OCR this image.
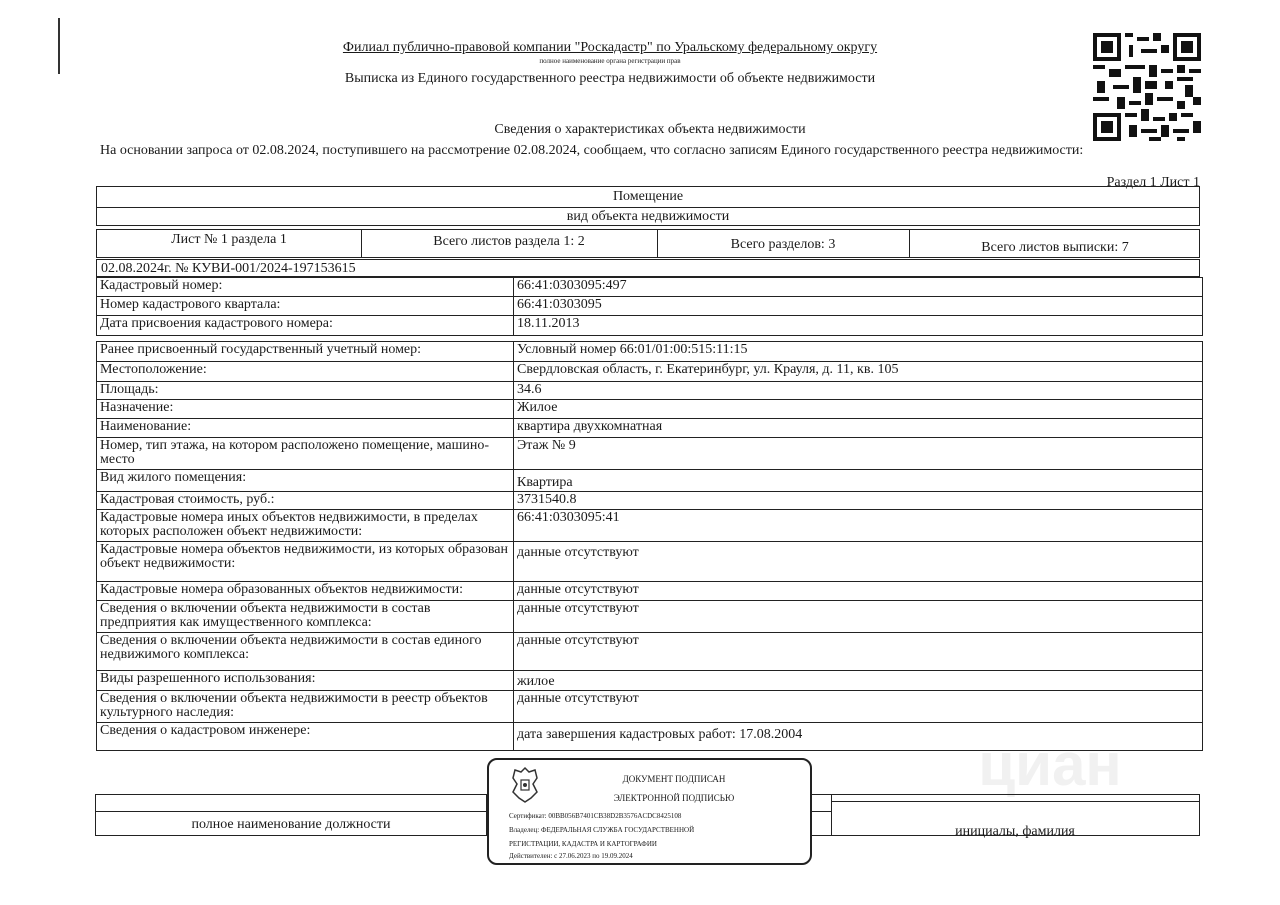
Филиал публично-правовой компании "Роскадастр" по Уральскому федеральному округу
полное наименование органа регистрации прав
Выписка из Единого государственного реестра недвижимости об объекте недвижимости
Сведения о характеристиках объекта недвижимости
На основании запроса от 02.08.2024, поступившего на рассмотрение 02.08.2024, сообщаем, что согласно записям Единого государственного реестра недвижимости:
Раздел 1 Лист 1
Помещение
вид объекта недвижимости
Лист № 1 раздела 1	Всего листов раздела 1: 2	Всего разделов: 3	Всего листов выписки: 7
02.08.2024г. № КУВИ-001/2024-197153615
Кадастровый номер:	66:41:0303095:497
Номер кадастрового квартала:	66:41:0303095
Дата присвоения кадастрового номера:	18.11.2013
Ранее присвоенный государственный учетный номер:	Условный номер 66:01/01:00:515:11:15
Местоположение:	Свердловская область, г. Екатеринбург, ул. Крауля, д. 11, кв. 105
Площадь:	34.6
Назначение:	Жилое
Наименование:	квартира двухкомнатная
Номер, тип этажа, на котором расположено помещение, машино-место	Этаж № 9
Вид жилого помещения:	Квартира
Кадастровая стоимость, руб.:	3731540.8
Кадастровые номера иных объектов недвижимости, в пределах которых расположен объект недвижимости:	66:41:0303095:41
Кадастровые номера объектов недвижимости, из которых образован объект недвижимости:	данные отсутствуют
Кадастровые номера образованных объектов недвижимости:	данные отсутствуют
Сведения о включении объекта недвижимости в состав предприятия как имущественного комплекса:	данные отсутствуют
Сведения о включении объекта недвижимости в состав единого недвижимого комплекса:	данные отсутствуют
Виды разрешенного использования:	жилое
Сведения о включении объекта недвижимости в реестр объектов культурного наследия:	данные отсутствуют
Сведения о кадастровом инженере:	дата завершения кадастровых работ: 17.08.2004	циан
полное наименование должности	инициалы, фамилия
ДОКУМЕНТ ПОДПИСАН
ЭЛЕКТРОННОЙ ПОДПИСЬЮ
Сертификат: 00BB056B7401CB38D2B3576ACDC8425108
Владелец: ФЕДЕРАЛЬНАЯ СЛУЖБА ГОСУДАРСТВЕННОЙ
РЕГИСТРАЦИИ, КАДАСТРА И КАРТОГРАФИИ
Действителен: с 27.06.2023 по 19.09.2024
